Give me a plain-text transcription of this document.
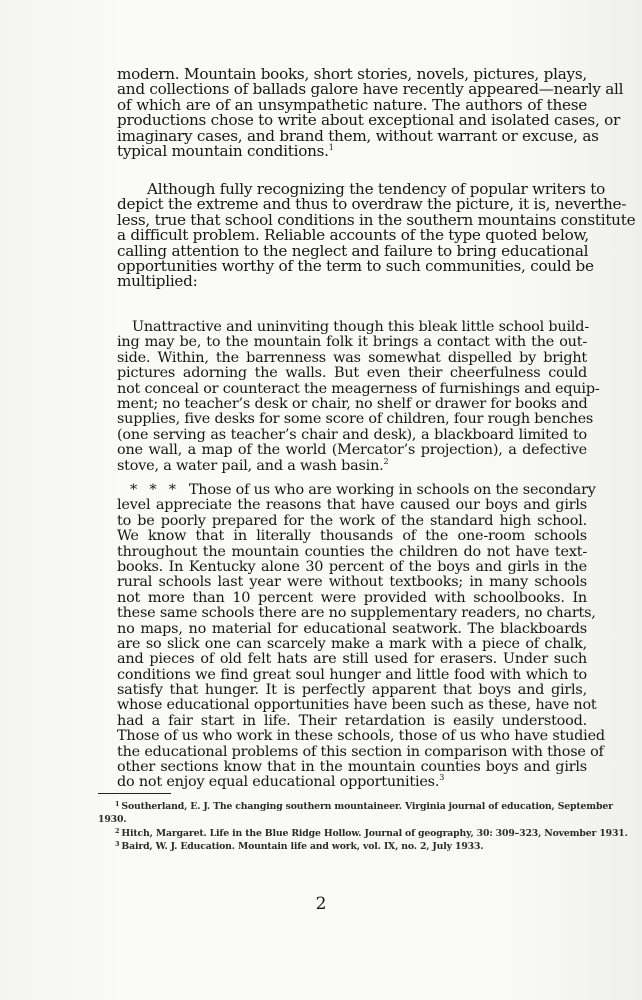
modern. Mountain books, short stories, novels, pictures, plays,
and collections of ballads galore have recently appeared—nearly all
of which are of an unsympathetic nature. The authors of these
productions chose to write about exceptional and isolated cases, or
imaginary cases, and brand them, without warrant or excuse, as
typical mountain conditions.$^1$
Although fully recognizing the tendency of popular writers to
depict the extreme and thus to overdraw the picture, it is, neverthe-
less, true that school conditions in the southern mountains constitute
a difficult problem. Reliable accounts of the type quoted below,
calling attention to the neglect and failure to bring educational
opportunities worthy of the term to such communities, could be
multiplied:
Unattractive and uninviting though this bleak little school build-
ing may be, to the mountain folk it brings a contact with the out-
side. Within, the barrenness was somewhat dispelled by bright
pictures adorning the walls. But even their cheerfulness could
not conceal or counteract the meagerness of furnishings and equip-
ment; no teacher’s desk or chair, no shelf or drawer for books and
supplies, five desks for some score of children, four rough benches
(one serving as teacher’s chair and desk), a blackboard limited to
one wall, a map of the world (Mercator’s projection), a defective
stove, a water pail, and a wash basin.$^2$
* * * Those of us who are working in schools on the secondary
level appreciate the reasons that have caused our boys and girls
to be poorly prepared for the work of the standard high school.
We know that in literally thousands of the one-room schools
throughout the mountain counties the children do not have text-
books. In Kentucky alone 30 percent of the boys and girls in the
rural schools last year were without textbooks; in many schools
not more than 10 percent were provided with schoolbooks. In
these same schools there are no supplementary readers, no charts,
no maps, no material for educational seatwork. The blackboards
are so slick one can scarcely make a mark with a piece of chalk,
and pieces of old felt hats are still used for erasers. Under such
conditions we find great soul hunger and little food with which to
satisfy that hunger. It is perfectly apparent that boys and girls,
whose educational opportunities have been such as these, have not
had a fair start in life. Their retardation is easily understood.
Those of us who work in these schools, those of us who have studied
the educational problems of this section in comparison with those of
other sections know that in the mountain counties boys and girls
do not enjoy equal educational opportunities.$^3$
$^1$ Southerland, E. J. The changing southern mountaineer. Virginia journal of education, September
1930.
$^2$ Hitch, Margaret. Life in the Blue Ridge Hollow. Journal of geography, 30: 309–323, November 1931.
$^3$ Baird, W. J. Education. Mountain life and work, vol. IX, no. 2, July 1933.
2
